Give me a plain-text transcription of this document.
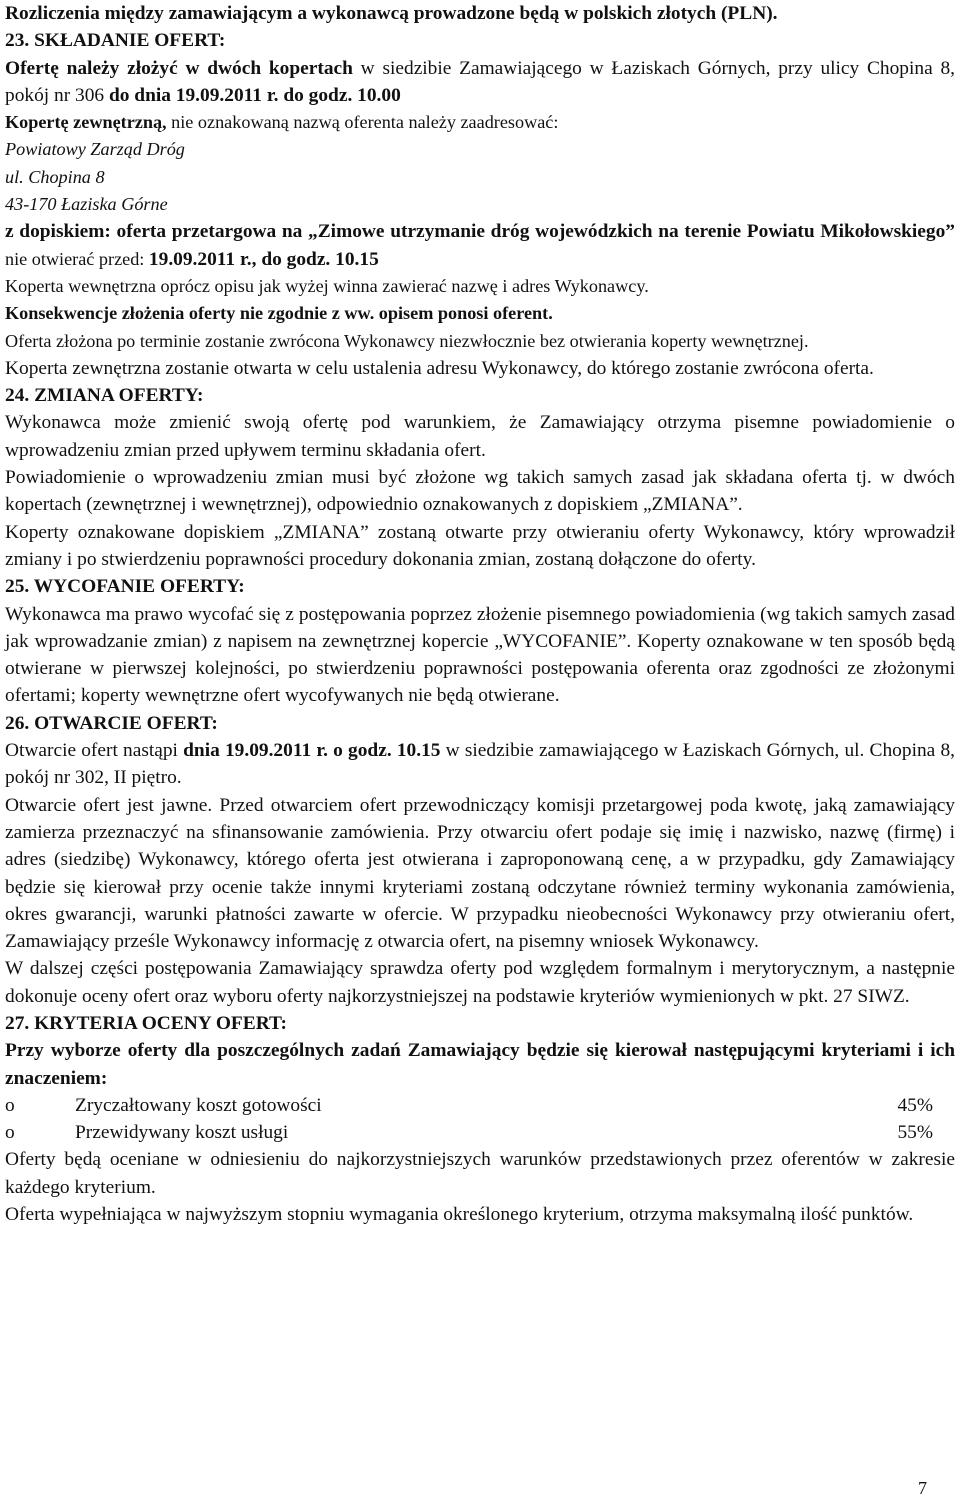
Rozliczenia między zamawiającym a wykonawcą prowadzone będą w polskich złotych (PLN).

23. SKŁADANIE OFERT:

Ofertę należy złożyć w dwóch kopertach w siedzibie Zamawiającego w Łaziskach Górnych, przy ulicy Chopina 8, pokój nr 306 do dnia 19.09.2011 r. do godz. 10.00

Kopertę zewnętrzną, nie oznakowaną nazwą oferenta należy zaadresować:

Powiatowy Zarząd Dróg

ul. Chopina 8

43-170 Łaziska Górne

z dopiskiem: oferta przetargowa na „Zimowe utrzymanie dróg wojewódzkich na terenie Powiatu Mikołowskiego” nie otwierać przed: 19.09.2011 r., do godz. 10.15

Koperta wewnętrzna oprócz opisu jak wyżej winna zawierać nazwę i adres Wykonawcy.

Konsekwencje złożenia oferty nie zgodnie z ww. opisem ponosi oferent.

Oferta złożona po terminie zostanie zwrócona Wykonawcy niezwłocznie bez otwierania koperty wewnętrznej.

Koperta zewnętrzna zostanie otwarta w celu ustalenia adresu Wykonawcy, do którego zostanie zwrócona oferta.

24. ZMIANA OFERTY:

Wykonawca może zmienić swoją ofertę pod warunkiem, że Zamawiający otrzyma pisemne powiadomienie o wprowadzeniu zmian przed upływem terminu składania ofert.

Powiadomienie o wprowadzeniu zmian musi być złożone wg takich samych zasad jak składana oferta tj. w dwóch kopertach (zewnętrznej i wewnętrznej), odpowiednio oznakowanych z dopiskiem „ZMIANA”.

Koperty oznakowane dopiskiem „ZMIANA” zostaną otwarte przy otwieraniu oferty Wykonawcy, który wprowadził zmiany i po stwierdzeniu poprawności procedury dokonania zmian, zostaną dołączone do oferty.

25. WYCOFANIE OFERTY:

Wykonawca ma prawo wycofać się z postępowania poprzez złożenie pisemnego powiadomienia (wg takich samych zasad jak wprowadzanie zmian) z napisem na zewnętrznej kopercie „WYCOFANIE”. Koperty oznakowane w ten sposób będą otwierane w pierwszej kolejności, po stwierdzeniu poprawności postępowania oferenta oraz zgodności ze złożonymi ofertami; koperty wewnętrzne ofert wycofywanych nie będą otwierane.

26. OTWARCIE OFERT:

Otwarcie ofert nastąpi dnia 19.09.2011 r. o godz. 10.15 w siedzibie zamawiającego w Łaziskach Górnych, ul. Chopina 8, pokój nr 302, II piętro.

Otwarcie ofert jest jawne. Przed otwarciem ofert przewodniczący komisji przetargowej poda kwotę, jaką zamawiający zamierza przeznaczyć na sfinansowanie zamówienia. Przy otwarciu ofert podaje się imię i nazwisko, nazwę (firmę) i adres (siedzibę) Wykonawcy, którego oferta jest otwierana i zaproponowaną cenę, a w przypadku, gdy Zamawiający będzie się kierował przy ocenie także innymi kryteriami zostaną odczytane również terminy wykonania zamówienia, okres gwarancji, warunki płatności zawarte w ofercie. W przypadku nieobecności Wykonawcy przy otwieraniu ofert, Zamawiający prześle Wykonawcy informację z otwarcia ofert, na pisemny wniosek Wykonawcy.

W dalszej części postępowania Zamawiający sprawdza oferty pod względem formalnym i merytorycznym, a następnie dokonuje oceny ofert oraz wyboru oferty najkorzystniejszej na podstawie kryteriów wymienionych w pkt. 27 SIWZ.

27. KRYTERIA OCENY OFERT:

Przy wyborze oferty dla poszczególnych zadań Zamawiający będzie się kierował następującymi kryteriami i ich znaczeniem:

o	Zryczałtowany koszt gotowości	45%
o	Przewidywany koszt usługi	55%

Oferty będą oceniane w odniesieniu do najkorzystniejszych warunków przedstawionych przez oferentów w zakresie każdego kryterium.

Oferta wypełniająca w najwyższym stopniu wymagania określonego kryterium, otrzyma maksymalną ilość punktów.

7
